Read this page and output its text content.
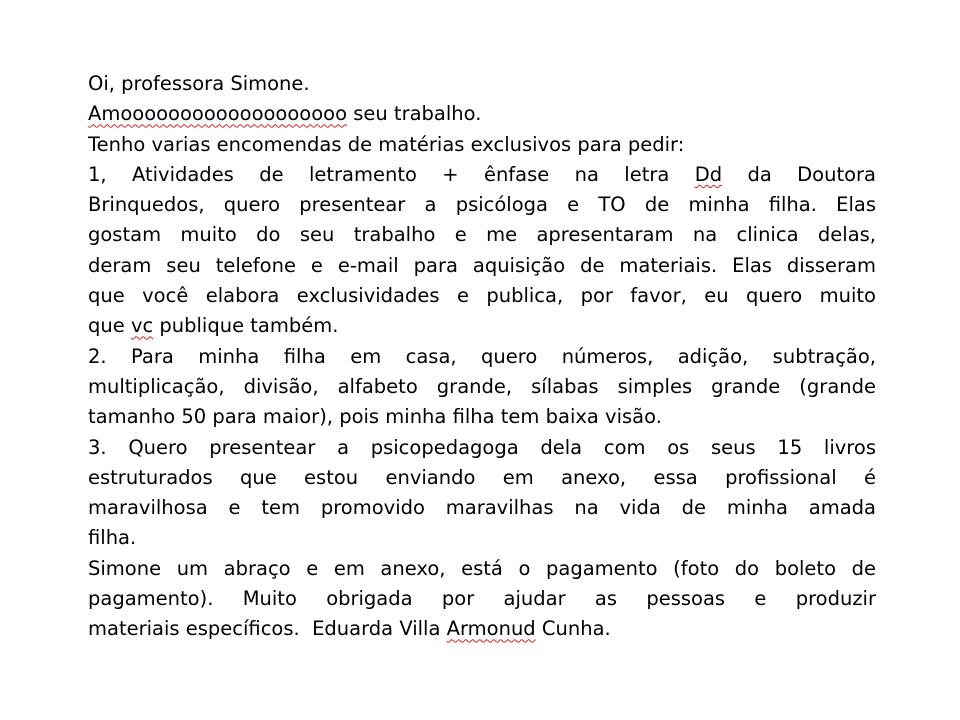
Oi, professora Simone.
Amooooooooooooooooooo seu trabalho.
Tenho varias encomendas de matérias exclusivos para pedir:
1, Atividades de letramento + ênfase na letra Dd da Doutora
Brinquedos, quero presentear a psicóloga e TO de minha filha. Elas
gostam muito do seu trabalho e me apresentaram na clinica delas,
deram seu telefone e e-mail para aquisição de materiais. Elas disseram
que você elabora exclusividades e publica, por favor, eu quero muito
que vc publique também.
2. Para minha filha em casa, quero números, adição, subtração,
multiplicação, divisão, alfabeto grande, sílabas simples grande (grande
tamanho 50 para maior), pois minha filha tem baixa visão.
3. Quero presentear a psicopedagoga dela com os seus 15 livros
estruturados que estou enviando em anexo, essa profissional é
maravilhosa e tem promovido maravilhas na vida de minha amada
filha.
Simone um abraço e em anexo, está o pagamento (foto do boleto de
pagamento). Muito obrigada por ajudar as pessoas e produzir
materiais específicos.  Eduarda Villa Armonud Cunha.
